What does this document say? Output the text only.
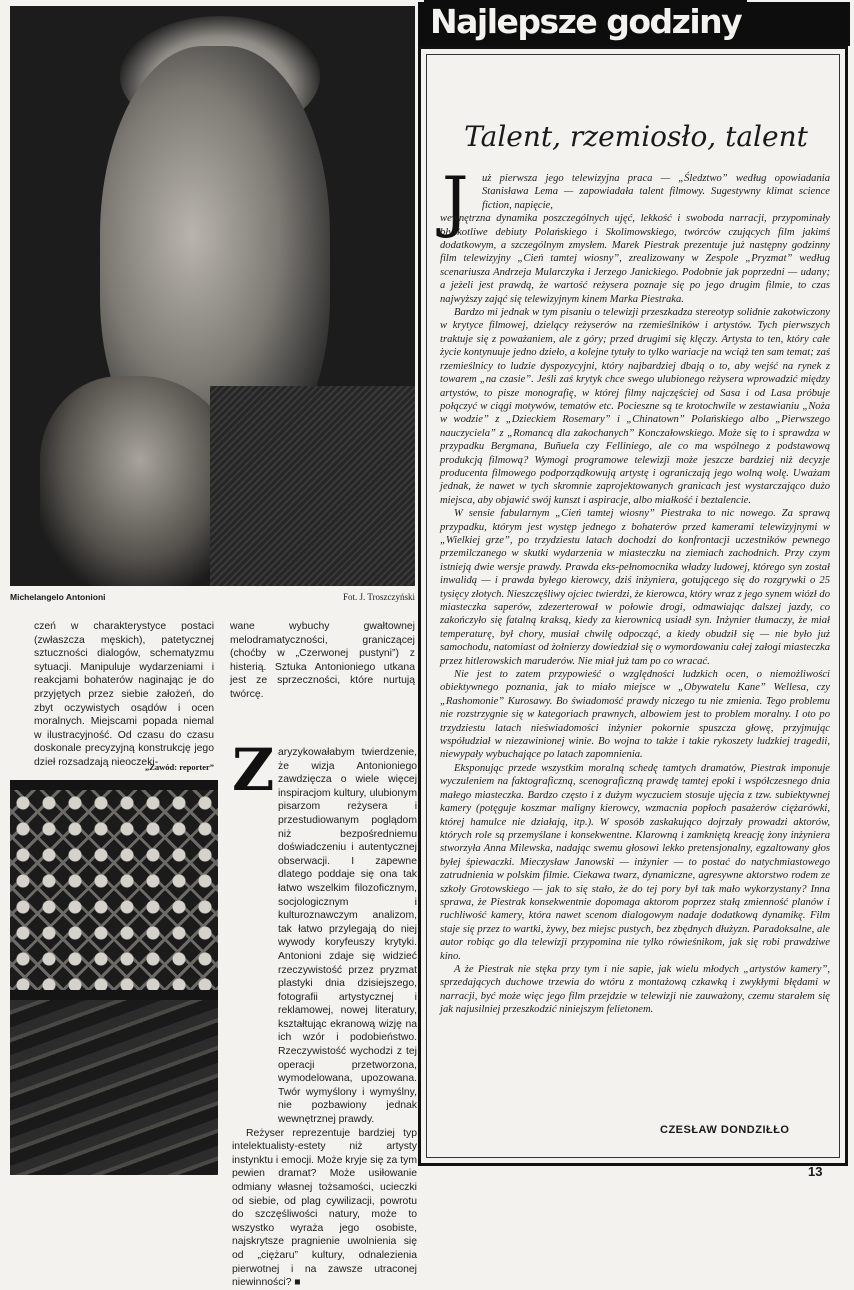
Michelangelo Antonioni	Fot. J. Troszczyński

czeń w charakterystyce postaci (zwłaszcza męskich), patetycznej sztuczności dialogów, schematyzmu sytuacji. Manipuluje wydarzeniami i reakcjami bohaterów naginając je do przyjętych przez siebie założeń, do zbyt oczywistych osądów i ocen moralnych. Miejscami popada niemal w ilustracyjność. Od czasu do czasu doskonale precyzyjną konstrukcję jego dzieł rozsadzają nieoczeki-

„Zawód: reporter”

wane wybuchy gwałtownej melodramatyczności, graniczącej (choćby w „Czerwonej pustyni”) z histerią. Sztuka Antonioniego utkana jest ze sprzeczności, które nurtują twórcę.

Z aryzykowałabym twierdzenie, że wizja Antonioniego zawdzięcza o wiele więcej inspiracjom kultury, ulubionym pisarzom reżysera i przestudiowanym poglądom niż bezpośredniemu doświadczeniu i autentycznej obserwacji. I zapewne dlatego poddaje się ona tak łatwo wszelkim filozoficznym, socjologicznym i kulturoznawczym analizom, tak łatwo przylegają do niej wywody koryfeuszy krytyki. Antonioni zdaje się widzieć rzeczywistość przez pryzmat plastyki dnia dzisiejszego, fotografii artystycznej i reklamowej, nowej literatury, kształtując ekranową wizję na ich wzór i podobieństwo. Rzeczywistość wychodzi z tej operacji przetworzona, wymodelowana, upozowana. Twór wymyślony i wymyślny, nie pozbawiony jednak wewnętrznej prawdy.

Reżyser reprezentuje bardziej typ intelektualisty-estety niż artysty instynktu i emocji. Może kryje się za tym pewien dramat? Może usiłowanie odmiany własnej tożsamości, ucieczki od siebie, od plag cywilizacji, powrotu do szczęśliwości natury, może to wszystko wyraża jego osobiste, najskrytsze pragnienie uwolnienia się od „ciężaru” kultury, odnalezienia pierwotnej i na zawsze utraconej niewinności? ■

Najlepsze godziny
Talent, rzemiosło, talent
J	uż pierwsza jego telewizyjna praca — „Śledztwo” według opowiadania Stanisława Lema — zapowiadała talent filmowy. Sugestywny klimat science fiction, napięcie,

wewnętrzna dynamika poszczególnych ujęć, lekkość i swoboda narracji, przypominały błyskotliwe debiuty Polańskiego i Skolimowskiego, twórców czujących film jakimś dodatkowym, a szczególnym zmysłem. Marek Piestrak prezentuje już następny godzinny film telewizyjny „Cień tamtej wiosny”, zrealizowany w Zespole „Pryzmat” według scenariusza Andrzeja Mularczyka i Jerzego Janickiego. Podobnie jak poprzedni — udany; a jeżeli jest prawdą, że wartość reżysera poznaje się po jego drugim filmie, to czas najwyższy zająć się telewizyjnym kinem Marka Piestraka.

Bardzo mi jednak w tym pisaniu o telewizji przeszkadza stereotyp solidnie zakotwiczony w krytyce filmowej, dzielący reżyserów na rzemieślników i artystów. Tych pierwszych traktuje się z poważaniem, ale z góry; przed drugimi się klęczy. Artysta to ten, który całe życie kontynuuje jedno dzieło, a kolejne tytuły to tylko wariacje na wciąż ten sam temat; zaś rzemieślnicy to ludzie dyspozycyjni, który najbardziej dbają o to, aby wejść na rynek z towarem „na czasie”. Jeśli zaś krytyk chce swego ulubionego reżysera wprowadzić między artystów, to pisze monografię, w której filmy najczęściej od Sasa i od Lasa próbuje połączyć w ciągi motywów, tematów etc. Pocieszne są te krotochwile w zestawianiu „Noża w wodzie” z „Dzieckiem Rosemary” i „Chinatown” Polańskiego albo „Pierwszego nauczyciela” z „Romancą dla zakochanych” Konczałowskiego. Może się to i sprawdza w przypadku Bergmana, Buñuela czy Felliniego, ale co ma wspólnego z podstawową produkcją filmową? Wymogi programowe telewizji może jeszcze bardziej niż decyzje producenta filmowego podporządkowują artystę i ograniczają jego wolną wolę. Uważam jednak, że nawet w tych skromnie zaprojektowanych granicach jest wystarczająco dużo miejsca, aby objawić swój kunszt i aspiracje, albo miałkość i beztalencie.

W sensie fabularnym „Cień tamtej wiosny” Piestraka to nic nowego. Za sprawą przypadku, którym jest występ jednego z bohaterów przed kamerami telewizyjnymi w „Wielkiej grze”, po trzydziestu latach dochodzi do konfrontacji uczestników pewnego przemilczanego w skutki wydarzenia w miasteczku na ziemiach zachodnich. Przy czym istnieją dwie wersje prawdy. Prawda eks-pełnomocnika władzy ludowej, którego syn został inwalidą — i prawda byłego kierowcy, dziś inżyniera, gotującego się do rozgrywki o 25 tysięcy złotych. Nieszczęśliwy ojciec twierdzi, że kierowca, który wraz z jego synem wiózł do miasteczka saperów, zdezerterował w połowie drogi, odmawiając dalszej jazdy, co zakończyło się fatalną kraksą, kiedy za kierownicą usiadł syn. Inżynier tłumaczy, że miał temperaturę, był chory, musiał chwilę odpocząć, a kiedy obudził się — nie było już samochodu, natomiast od żołnierzy dowiedział się o wymordowaniu całej załogi miasteczka przez hitlerowskich maruderów. Nie miał już tam po co wracać.

Nie jest to zatem przypowieść o względności ludzkich ocen, o niemożliwości obiektywnego poznania, jak to miało miejsce w „Obywatelu Kane” Wellesa, czy „Rashomonie” Kurosawy. Bo świadomość prawdy niczego tu nie zmienia. Tego problemu nie rozstrzygnie się w kategoriach prawnych, albowiem jest to problem moralny. I oto po trzydziestu latach nieświadomości inżynier pokornie spuszcza głowę, przyjmując współudział w niezawinionej winie. Bo wojna to także i takie rykoszety ludzkiej tragedii, niewypały wybuchające po latach zapomnienia.

Eksponując przede wszystkim moralną schedę tamtych dramatów, Piestrak imponuje wyczuleniem na faktograficzną, scenograficzną prawdę tamtej epoki i współczesnego dnia małego miasteczka. Bardzo często i z dużym wyczuciem stosuje ujęcia z tzw. subiektywnej kamery (potęguje koszmar maligny kierowcy, wzmacnia popłoch pasażerów ciężarówki, której hamulce nie działają, itp.). W sposób zaskakująco dojrzały prowadzi aktorów, których role są przemyślane i konsekwentne. Klarowną i zamkniętą kreację żony inżyniera stworzyła Anna Milewska, nadając swemu głosowi lekko pretensjonalny, egzaltowany głos byłej śpiewaczki. Mieczysław Janowski — inżynier — to postać do natychmiastowego zatrudnienia w polskim filmie. Ciekawa twarz, dynamiczne, agresywne aktorstwo rodem ze szkoły Grotowskiego — jak to się stało, że do tej pory był tak mało wykorzystany? Inna sprawa, że Piestrak konsekwentnie dopomaga aktorom poprzez stałą zmienność planów i ruchliwość kamery, która nawet scenom dialogowym nadaje dodatkową dynamikę. Film staje się przez to wartki, żywy, bez miejsc pustych, bez zbędnych dłużyzn. Paradoksalne, ale autor robiąc go dla telewizji przypomina nie tylko rówieśnikom, jak się robi prawdziwe kino.

A że Piestrak nie stęka przy tym i nie sapie, jak wielu młodych „artystów kamery”, sprzedających duchowe trzewia do wtóru z montażową czkawką i zwykłymi błędami w narracji, być może więc jego film przejdzie w telewizji nie zauważony, czemu starałem się jak najusilniej przeszkodzić niniejszym felietonem.

CZESŁAW DONDZIŁŁO
13
